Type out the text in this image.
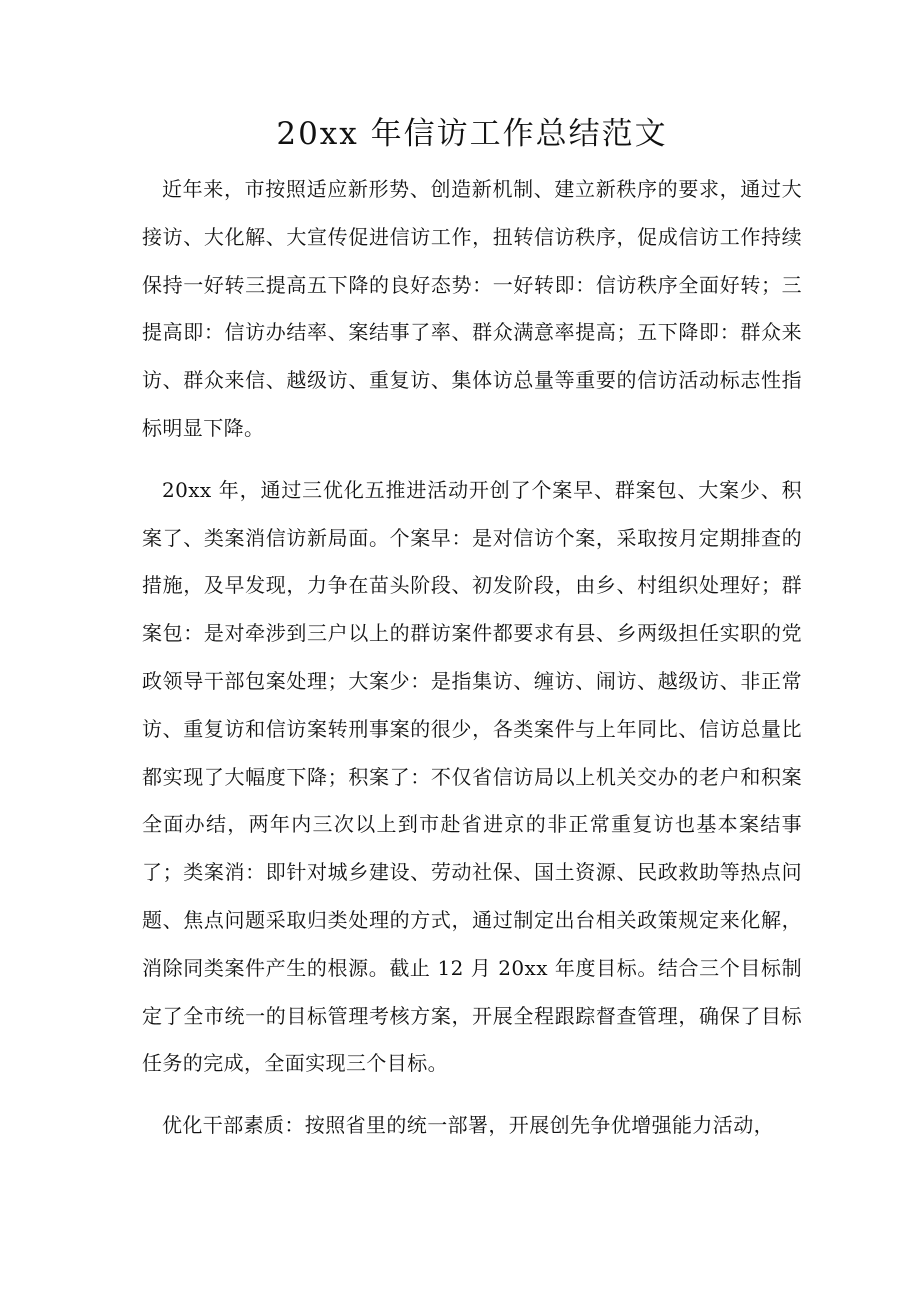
20xx 年信访工作总结范文

近年来，市按照适应新形势、创造新机制、建立新秩序的要求，通过大接访、大化解、大宣传促进信访工作，扭转信访秩序，促成信访工作持续保持一好转三提高五下降的良好态势：一好转即：信访秩序全面好转；三提高即：信访办结率、案结事了率、群众满意率提高；五下降即：群众来访、群众来信、越级访、重复访、集体访总量等重要的信访活动标志性指标明显下降。

20xx 年，通过三优化五推进活动开创了个案早、群案包、大案少、积案了、类案消信访新局面。个案早：是对信访个案，采取按月定期排查的措施，及早发现，力争在苗头阶段、初发阶段，由乡、村组织处理好；群案包：是对牵涉到三户以上的群访案件都要求有县、乡两级担任实职的党政领导干部包案处理；大案少：是指集访、缠访、闹访、越级访、非正常访、重复访和信访案转刑事案的很少，各类案件与上年同比、信访总量比都实现了大幅度下降；积案了：不仅省信访局以上机关交办的老户和积案全面办结，两年内三次以上到市赴省进京的非正常重复访也基本案结事了；类案消：即针对城乡建设、劳动社保、国土资源、民政救助等热点问题、焦点问题采取归类处理的方式，通过制定出台相关政策规定来化解，消除同类案件产生的根源。截止 12 月 20xx 年度目标。结合三个目标制定了全市统一的目标管理考核方案，开展全程跟踪督查管理，确保了目标任务的完成，全面实现三个目标。

优化干部素质：按照省里的统一部署，开展创先争优增强能力活动，
